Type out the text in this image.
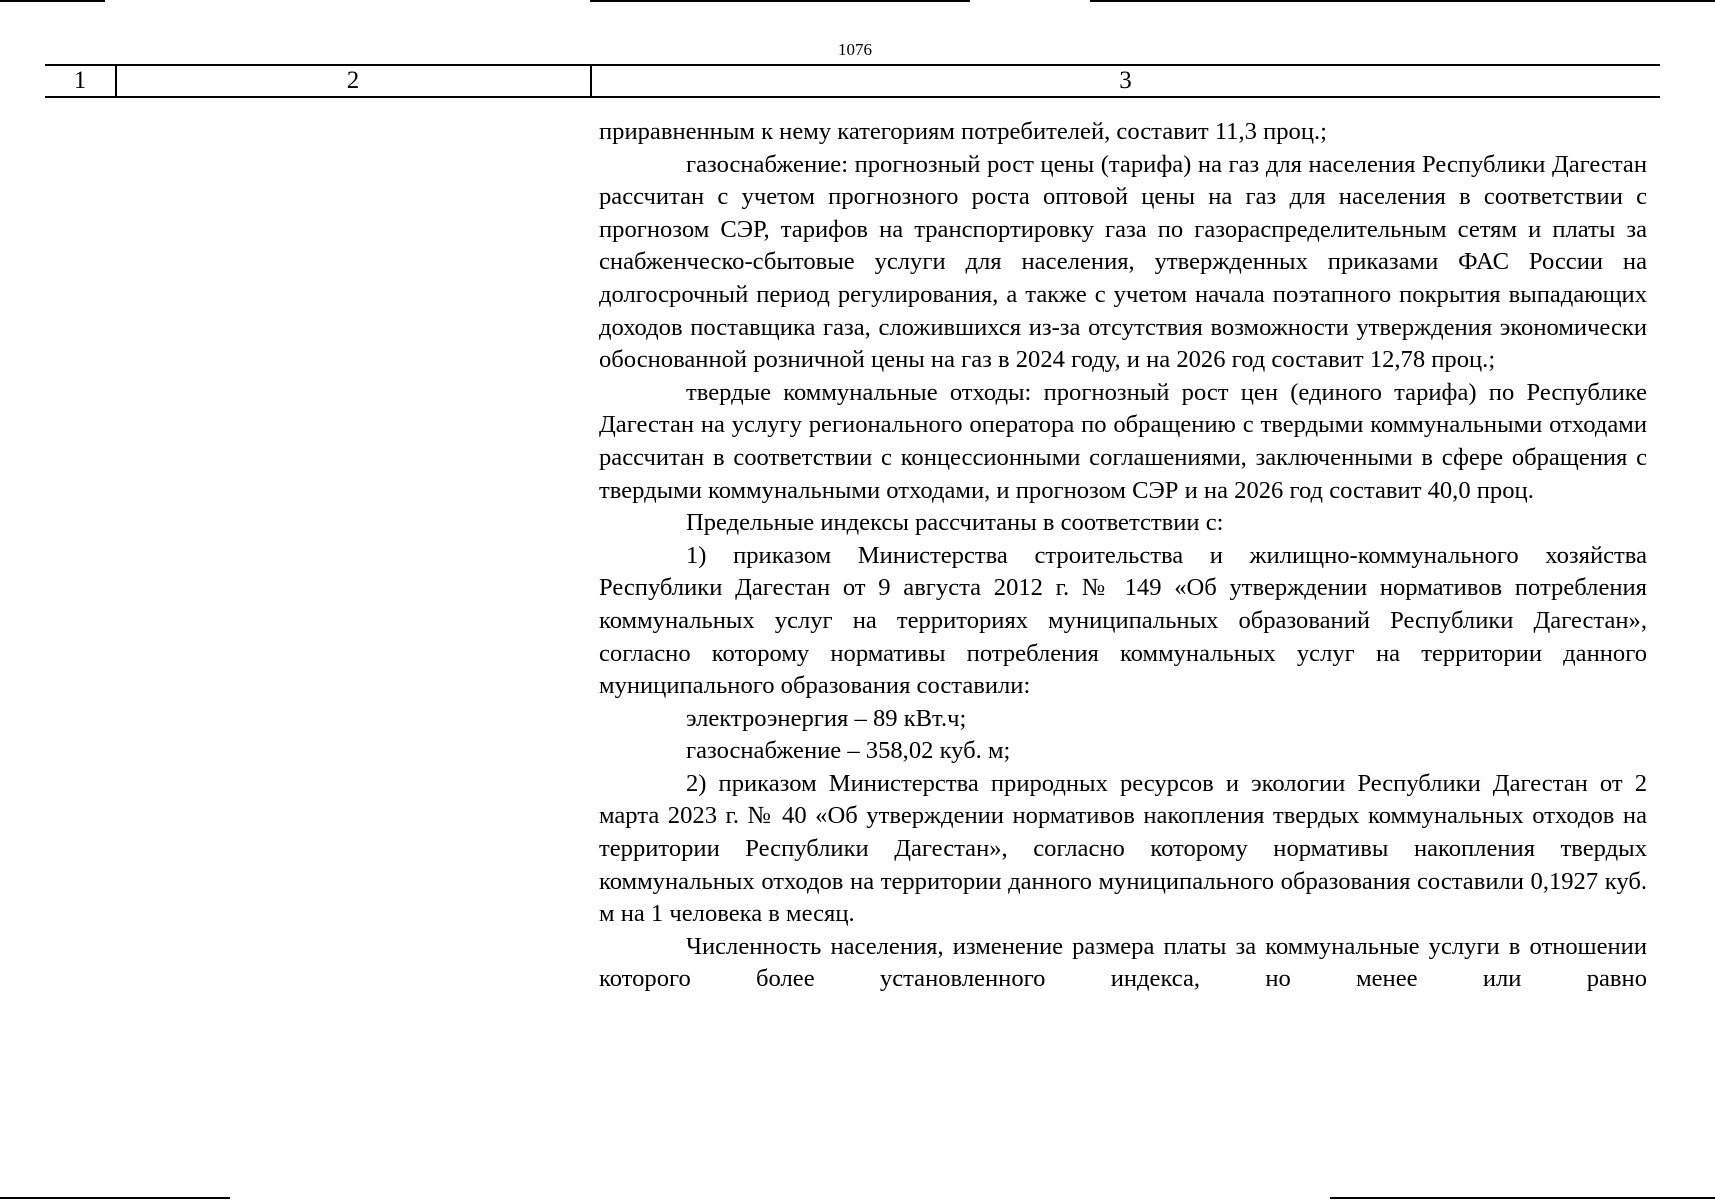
1076
1	2	3

приравненным к нему категориям потребителей, составит 11,3 проц.;

газоснабжение: прогнозный рост цены (тарифа) на газ для населения Республики Дагестан рассчитан с учетом прогнозного роста оптовой цены на газ для населения в соответствии с прогнозом СЭР, тарифов на транспортировку газа по газораспределительным сетям и платы за снабженческо-сбытовые услуги для населения, утвержденных приказами ФАС России на долгосрочный период регулирования, а также с учетом начала поэтапного покрытия выпадающих доходов поставщика газа, сложившихся из-за отсутствия возможности утверждения экономически обоснованной розничной цены на газ в 2024 году, и на 2026 год составит 12,78 проц.;

твердые коммунальные отходы: прогнозный рост цен (единого тарифа) по Республике Дагестан на услугу регионального оператора по обращению с твердыми коммунальными отходами рассчитан в соответствии с концессионными соглашениями, заключенными в сфере обращения с твердыми коммунальными отходами, и прогнозом СЭР и на 2026 год составит 40,0 проц.

Предельные индексы рассчитаны в соответствии с:

1) приказом Министерства строительства и жилищно-коммунального хозяйства Республики Дагестан от 9 августа 2012 г. № 149 «Об утверждении нормативов потребления коммунальных услуг на территориях муниципальных образований Республики Дагестан», согласно которому нормативы потребления коммунальных услуг на территории данного муниципального образования составили:

электроэнергия – 89 кВт.ч;

газоснабжение – 358,02 куб. м;

2) приказом Министерства природных ресурсов и экологии Республики Дагестан от 2 марта 2023 г. № 40 «Об утверждении нормативов накопления твердых коммунальных отходов на территории Республики Дагестан», согласно которому нормативы накопления твердых коммунальных отходов на территории данного муниципального образования составили 0,1927 куб. м на 1 человека в месяц.

Численность населения, изменение размера платы за коммунальные услуги в отношении которого более установленного индекса, но менее или равно
